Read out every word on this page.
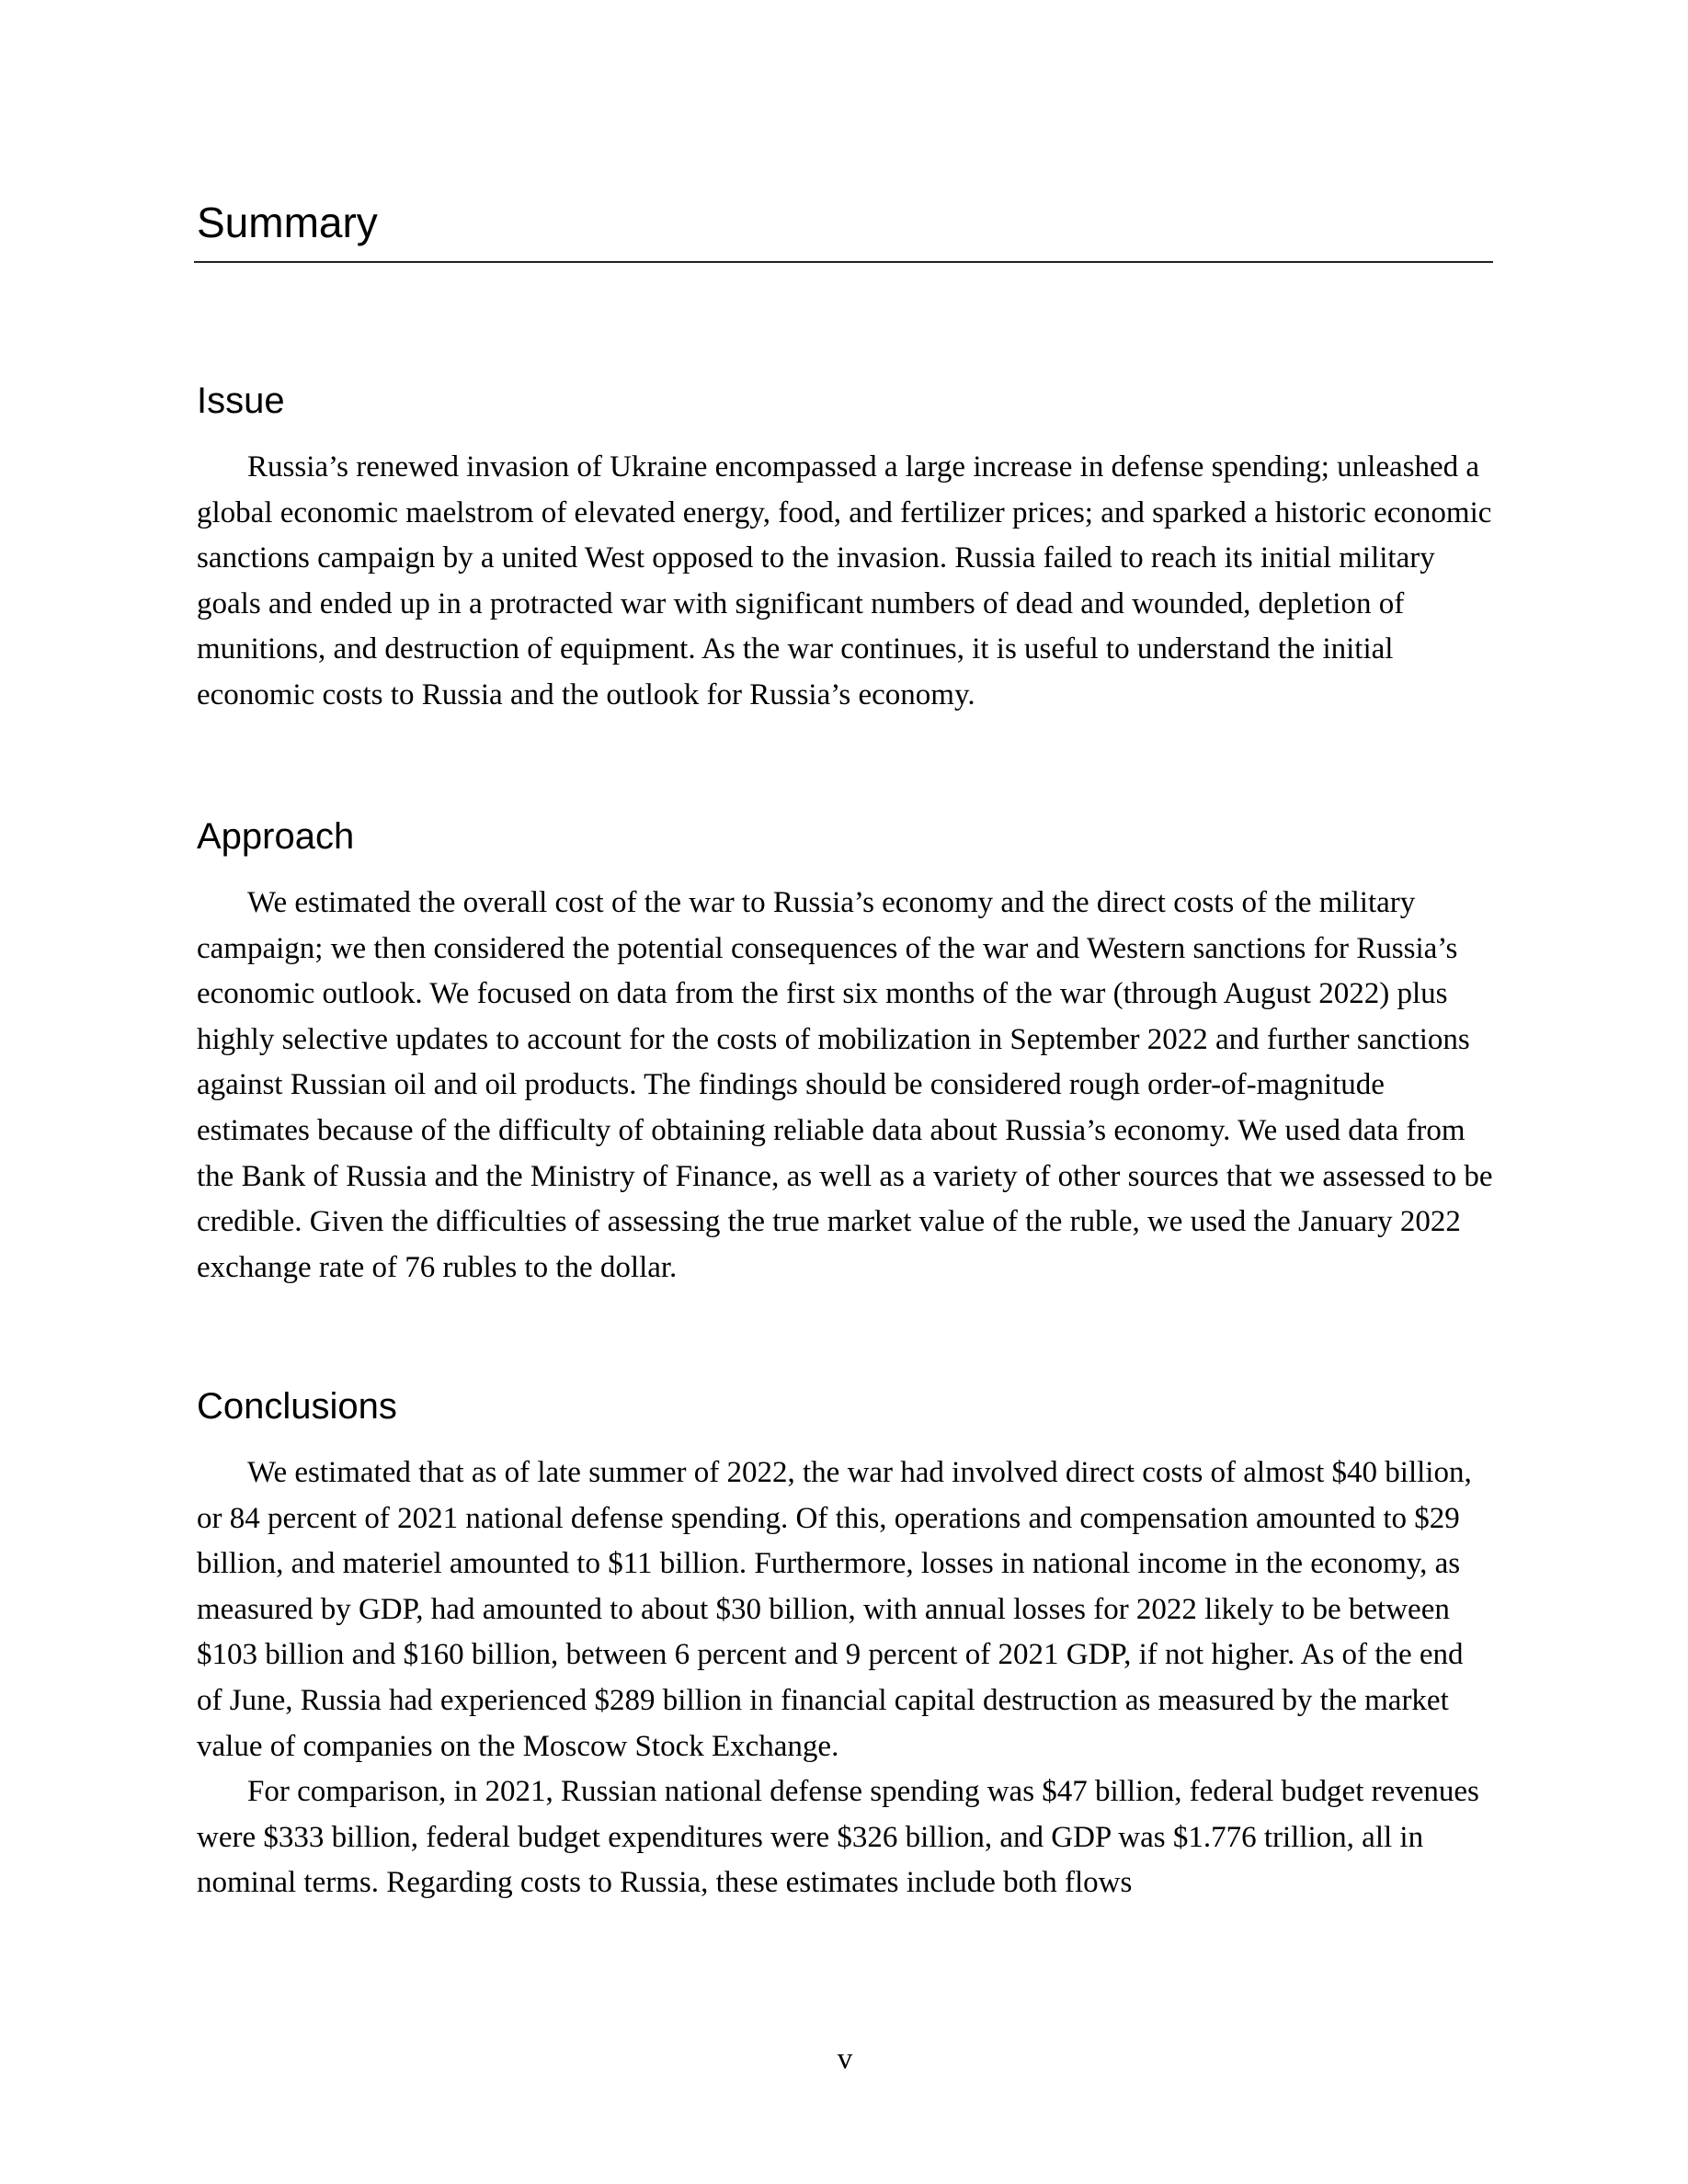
Summary
Issue

Russia’s renewed invasion of Ukraine encompassed a large increase in defense spending; unleashed a global economic maelstrom of elevated energy, food, and fertilizer prices; and sparked a historic economic sanctions campaign by a united West opposed to the invasion. Russia failed to reach its initial military goals and ended up in a protracted war with significant numbers of dead and wounded, depletion of munitions, and destruction of equipment. As the war continues, it is useful to understand the initial economic costs to Russia and the outlook for Russia’s economy.

Approach

We estimated the overall cost of the war to Russia’s economy and the direct costs of the military campaign; we then considered the potential consequences of the war and Western sanctions for Russia’s economic outlook. We focused on data from the first six months of the war (through August 2022) plus highly selective updates to account for the costs of mobilization in September 2022 and further sanctions against Russian oil and oil products. The findings should be considered rough order-of-magnitude estimates because of the difficulty of obtaining reliable data about Russia’s economy. We used data from the Bank of Russia and the Ministry of Finance, as well as a variety of other sources that we assessed to be credible. Given the difficulties of assessing the true market value of the ruble, we used the January 2022 exchange rate of 76 rubles to the dollar.

Conclusions

We estimated that as of late summer of 2022, the war had involved direct costs of almost $40 billion, or 84 percent of 2021 national defense spending. Of this, operations and compensation amounted to $29 billion, and materiel amounted to $11 billion. Furthermore, losses in national income in the economy, as measured by GDP, had amounted to about $30 billion, with annual losses for 2022 likely to be between $103 billion and $160 billion, between 6 percent and 9 percent of 2021 GDP, if not higher. As of the end of June, Russia had experienced $289 billion in financial capital destruction as measured by the market value of companies on the Moscow Stock Exchange.

For comparison, in 2021, Russian national defense spending was $47 billion, federal budget revenues were $333 billion, federal budget expenditures were $326 billion, and GDP was $1.776 trillion, all in nominal terms. Regarding costs to Russia, these estimates include both flows

v
